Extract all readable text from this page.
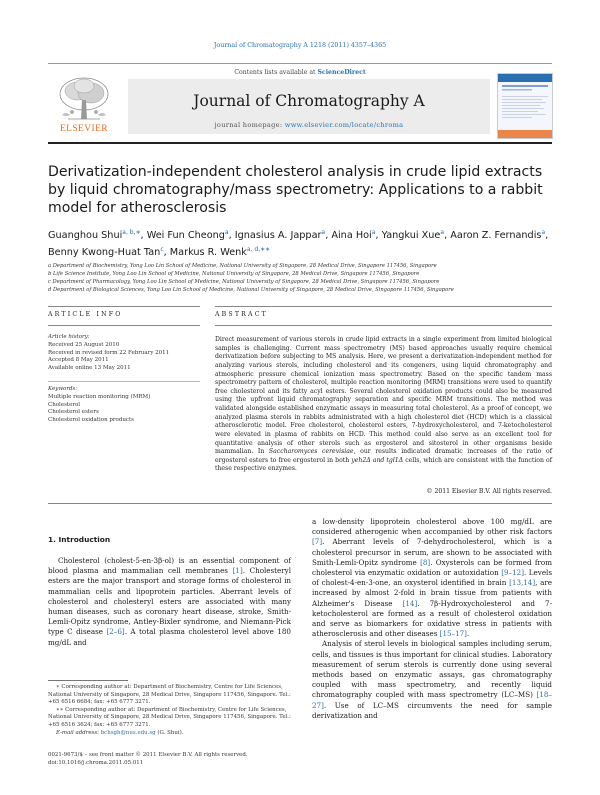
Journal of Chromatography A 1218 (2011) 4357–4365
Contents lists available at ScienceDirect
Journal of Chromatography A
journal homepage: www.elsevier.com/locate/chroma
ELSEVIER
Derivatization-independent cholesterol analysis in crude lipid extracts by liquid chromatography/mass spectrometry: Applications to a rabbit model for atherosclerosis
Guanghou Shui$^{a, b,∗}$, Wei Fun Cheong$^a$, Ignasius A. Jappar$^a$, Aina Hoi$^a$, Yangkui Xue$^a$, Aaron Z. Fernandis$^a$, Benny Kwong-Huat Tan$^c$, Markus R. Wenk$^{a, d,∗∗}$
a Department of Biochemistry, Yong Loo Lin School of Medicine, National University of Singapore, 28 Medical Drive, Singapore 117456, Singapore
b Life Science Institute, Yong Loo Lin School of Medicine, National University of Singapore, 28 Medical Drive, Singapore 117456, Singapore
c Department of Pharmacology, Yong Loo Lin School of Medicine, National University of Singapore, 28 Medical Drive, Singapore 117456, Singapore
d Department of Biological Sciences, Yong Loo Lin School of Medicine, National University of Singapore, 28 Medical Drive, Singapore 117456, Singapore
ARTICLE INFO
Article history:
Received 25 August 2010
Received in revised form 22 February 2011
Accepted 8 May 2011
Available online 13 May 2011
Keywords:
Multiple reaction monitoring (MRM)
Cholesterol
Cholesterol esters
Cholesterol oxidation products
ABSTRACT
Direct measurement of various sterols in crude lipid extracts in a single experiment from limited biological samples is challenging. Current mass spectrometry (MS) based approaches usually require chemical derivatization before subjecting to MS analysis. Here, we present a derivatization-independent method for analyzing various sterols, including cholesterol and its congeners, using liquid chromatography and atmospheric pressure chemical ionization mass spectrometry. Based on the specific tandem mass spectrometry pattern of cholesterol, multiple reaction monitoring (MRM) transitions were used to quantify free cholesterol and its fatty acyl esters. Several cholesterol oxidation products could also be measured using the upfront liquid chromatography separation and specific MRM transitions. The method was validated alongside established enzymatic assays in measuring total cholesterol. As a proof of concept, we analyzed plasma sterols in rabbits administrated with a high cholesterol diet (HCD) which is a classical atherosclerotic model. Free cholesterol, cholesterol esters, 7-hydroxycholesterol, and 7-ketocholesterol were elevated in plasma of rabbits on HCD. This method could also serve as an excellent tool for quantitative analysis of other sterols such as ergosterol and sitosterol in other organisms beside mammalian. In Saccharomyces cerevisiae, our results indicated dramatic increases of the ratio of ergosterol esters to free ergosterol in both yeh2Δ and tgl1Δ cells, which are consistent with the function of these respective enzymes.
© 2011 Elsevier B.V. All rights reserved.
1. Introduction
Cholesterol (cholest-5-en-3β-ol) is an essential component of blood plasma and mammalian cell membranes [1]. Cholesteryl esters are the major transport and storage forms of cholesterol in mammalian cells and lipoprotein particles. Aberrant levels of cholesterol and cholesteryl esters are associated with many human diseases, such as coronary heart disease, stroke, Smith-Lemli-Opitz syndrome, Antley-Bixler syndrome, and Niemann-Pick type C disease [2–6]. A total plasma cholesterol level above 180 mg/dL and
a low-density lipoprotein cholesterol above 100 mg/dL are considered atherogenic when accompanied by other risk factors [7]. Aberrant levels of 7-dehydrocholesterol, which is a cholesterol precursor in serum, are shown to be associated with Smith-Lemli-Opitz syndrome [8]. Oxysterols can be formed from cholesterol via enzymatic oxidation or autoxidation [9–12]. Levels of cholest-4-en-3-one, an oxysterol identified in brain [13,14], are increased by almost 2-fold in brain tissue from patients with Alzheimer's Disease [14]. 7β-Hydroxycholesterol and 7-ketocholesterol are formed as a result of cholesterol oxidation and serve as biomarkers for oxidative stress in patients with atherosclerosis and other diseases [15–17].
Analysis of sterol levels in biological samples including serum, cells, and tissues is thus important for clinical studies. Laboratory measurement of serum sterols is currently done using several methods based on enzymatic assays, gas chromatography coupled with mass spectrometry, and recently liquid chromatography coupled with mass spectrometry (LC–MS) [18–27]. Use of LC–MS circumvents the need for sample derivatization and
∗ Corresponding author at: Department of Biochemistry, Centre for Life Sciences, National University of Singapore, 28 Medical Drive, Singapore 117456, Singapore. Tel.: +65 6516 6684; fax: +65 6777 3271.
∗∗ Corresponding author at: Department of Biochemistry, Centre for Life Sciences, National University of Singapore, 28 Medical Drive, Singapore 117456, Singapore. Tel.: +65 6516 3624; fax: +65 6777 3271.
E-mail address: bchsgh@nus.edu.sg (G. Shui).
0021-9673/$ – see front matter © 2011 Elsevier B.V. All rights reserved.
doi:10.1016/j.chroma.2011.05.011
